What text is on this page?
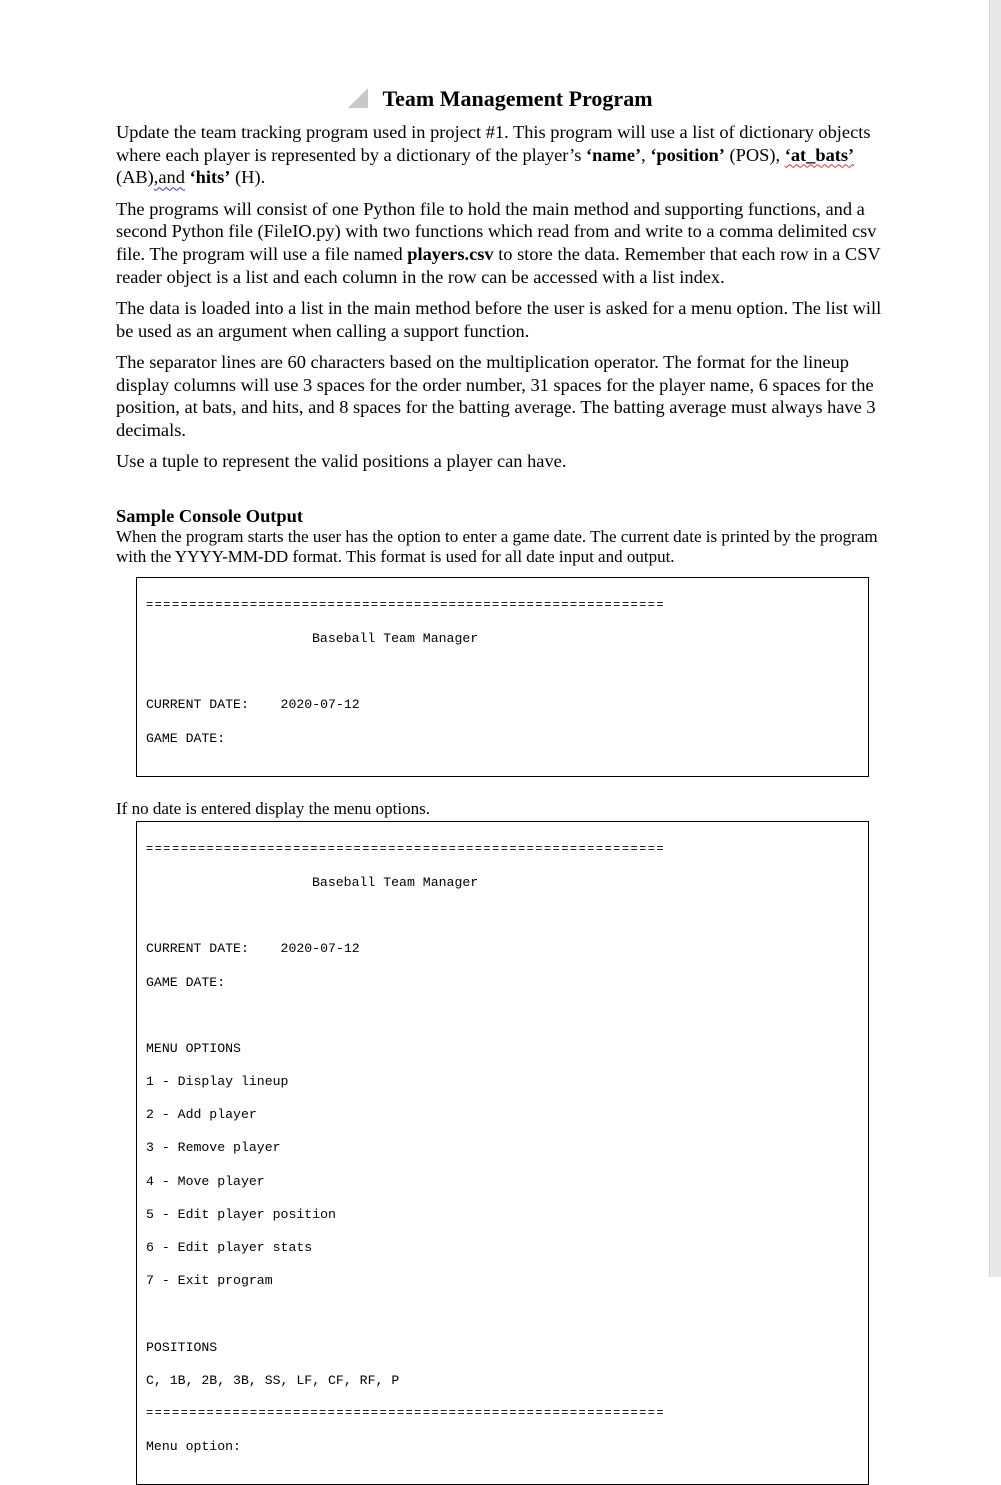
Team Management Program

Update the team tracking program used in project #1. This program will use a list of dictionary objects where each player is represented by a dictionary of the player’s ‘name’, ‘position’ (POS), ‘at_bats’ (AB),and ‘hits’ (H).

The programs will consist of one Python file to hold the main method and supporting functions, and a second Python file (FileIO.py) with two functions which read from and write to a comma delimited csv file. The program will use a file named players.csv to store the data. Remember that each row in a CSV reader object is a list and each column in the row can be accessed with a list index.

The data is loaded into a list in the main method before the user is asked for a menu option. The list will be used as an argument when calling a support function.

The separator lines are 60 characters based on the multiplication operator. The format for the lineup display columns will use 3 spaces for the order number, 31 spaces for the player name, 6 spaces for the position, at bats, and hits, and 8 spaces for the batting average. The batting average must always have 3 decimals.

Use a tuple to represent the valid positions a player can have.

Sample Console Output
When the program starts the user has the option to enter a game date. The current date is printed by the program with the YYYY-MM-DD format. This format is used for all date input and output.

============================================================

Baseball Team Manager

CURRENT DATE:    2020-07-12

GAME DATE:

If no date is entered display the menu options.

============================================================

Baseball Team Manager

CURRENT DATE:    2020-07-12

GAME DATE:

MENU OPTIONS

1 - Display lineup

2 - Add player

3 - Remove player

4 - Move player

5 - Edit player position

6 - Edit player stats

7 - Exit program

POSITIONS

C, 1B, 2B, 3B, SS, LF, CF, RF, P

============================================================

Menu option:
